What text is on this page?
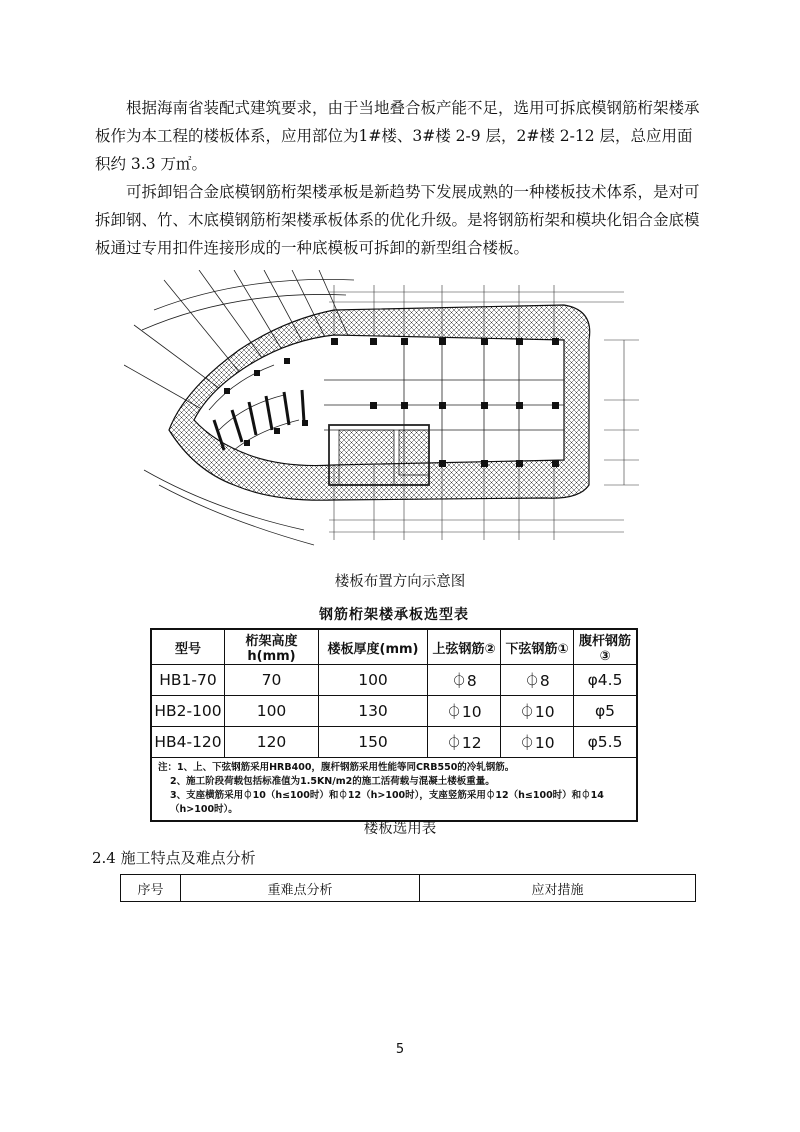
根据海南省装配式建筑要求，由于当地叠合板产能不足，选用可拆底模钢筋桁架楼承板作为本工程的楼板体系，应用部位为1#楼、3#楼 2-9 层，2#楼 2-12 层，总应用面积约 3.3 万㎡。
可拆卸铝合金底模钢筋桁架楼承板是新趋势下发展成熟的一种楼板技术体系，是对可拆卸钢、竹、木底模钢筋桁架楼承板体系的优化升级。是将钢筋桁架和模块化铝合金底模板通过专用扣件连接形成的一种底模板可拆卸的新型组合楼板。
楼板布置方向示意图
钢筋桁架楼承板选型表
型号	桁架高度h(mm)	楼板厚度(mm)	上弦钢筋②	下弦钢筋①	腹杆钢筋③
HB1-70	70	100	⏀8	⏀8	φ4.5
HB2-100	100	130	⏀10	⏀10	φ5
HB4-120	120	150	⏀12	⏀10	φ5.5

注：1、上、下弦钢筋采用HRB400，腹杆钢筋采用性能等同CRB550的冷轧钢筋。
2、施工阶段荷载包括标准值为1.5KN/m2的施工活荷载与混凝土楼板重量。
3、支座横筋采用⏀10（h≤100时）和⏀12（h>100时），支座竖筋采用⏀12（h≤100时）和⏀14（h>100时）。					
楼板选用表
2.4 施工特点及难点分析
序号	重难点分析	应对措施
5
